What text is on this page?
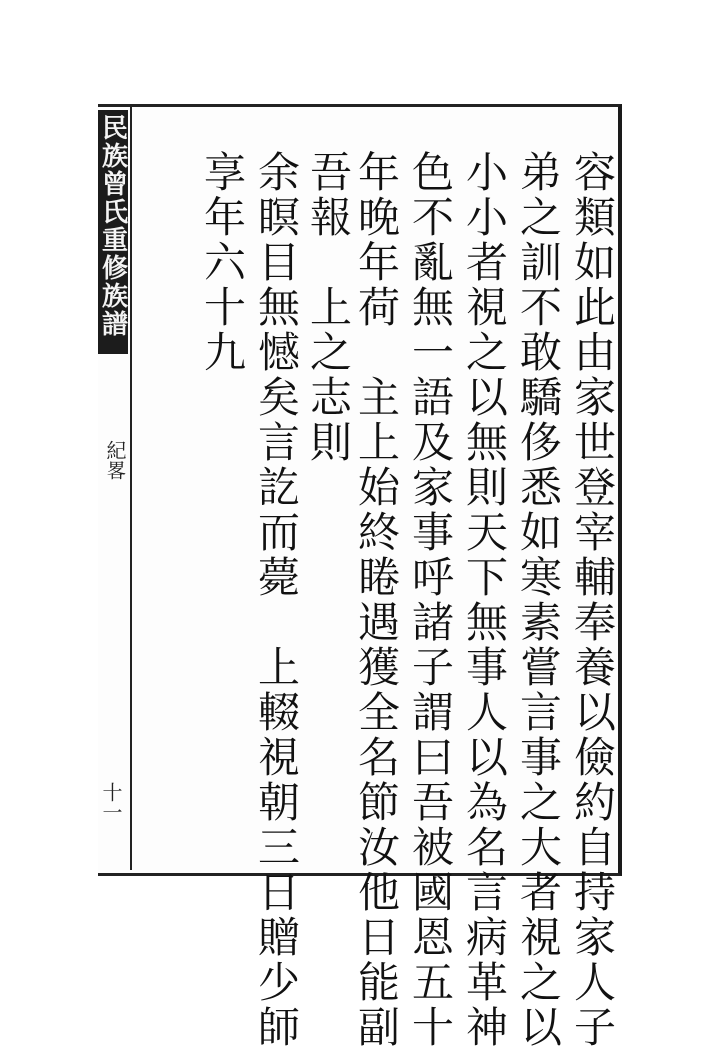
民族曾氏重修族譜
紀畧
十一	容類如此由家世登宰輔奉養以儉約自持家人子
弟之訓不敢驕侈悉如寒素嘗言事之大者視之以
小小者視之以無則天下無事人以為名言病革神
色不亂無一語及家事呼諸子謂曰吾被國恩五十
年晚年荷　主上始終睠遇獲全名節汝他日能副
吾報　上之志則
余瞑目無憾矣言訖而薨　上輟視朝三日贈少師
享年六十九
